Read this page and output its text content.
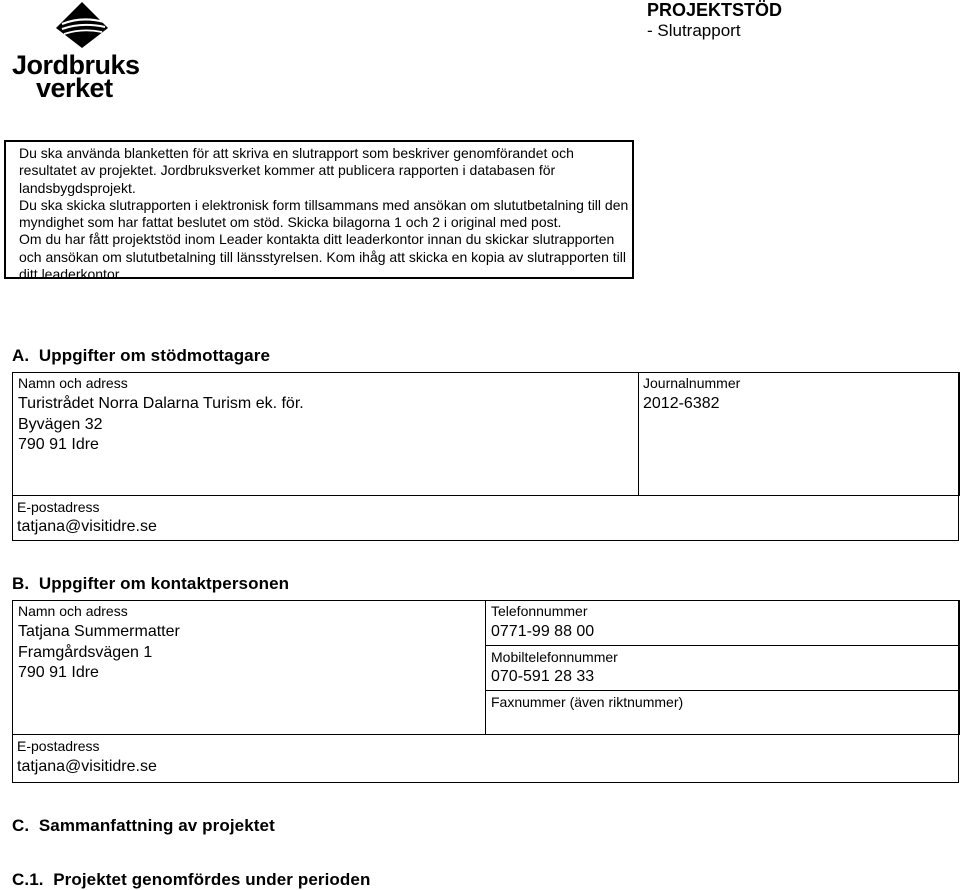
Jordbruks
verket
PROJEKTSTÖD
- Slutrapport

Du ska använda blanketten för att skriva en slutrapport som beskriver genomförandet och resultatet av projektet. Jordbruksverket kommer att publicera rapporten i databasen för landsbygdsprojekt.

Du ska skicka slutrapporten i elektronisk form tillsammans med ansökan om slututbetalning till den myndighet som har fattat beslutet om stöd. Skicka bilagorna 1 och 2 i original med post.

Om du har fått projektstöd inom Leader kontakta ditt leaderkontor innan du skickar slutrapporten och ansökan om slututbetalning till länsstyrelsen. Kom ihåg att skicka en kopia av slutrapporten till ditt leaderkontor.

A.  Uppgifter om stödmottagare
Namn och adress
Turistrådet Norra Dalarna Turism ek. för.
Byvägen 32
790 91 Idre
Journalnummer
2012-6382
E-postadress
tatjana@visitidre.se
B.  Uppgifter om kontaktpersonen
Namn och adress
Tatjana Summermatter
Framgårdsvägen 1
790 91 Idre
Telefonnummer
0771-99 88 00
Mobiltelefonnummer
070-591 28 33
Faxnummer (även riktnummer)
E-postadress
tatjana@visitidre.se
C.  Sammanfattning av projektet
C.1.  Projektet genomfördes under perioden
